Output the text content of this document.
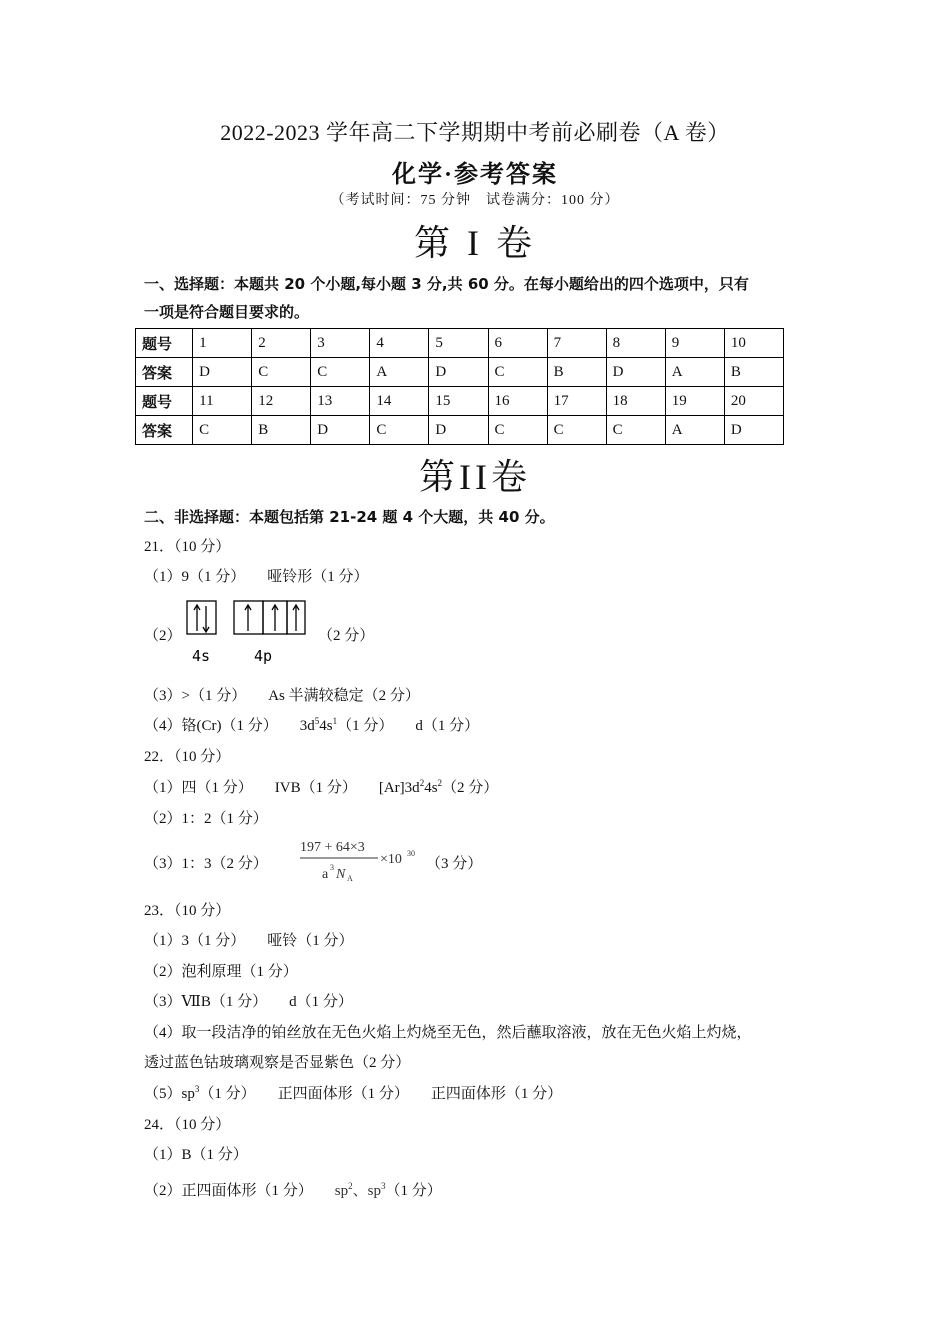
2022-2023 学年高二下学期期中考前必刷卷（A 卷）
化学·参考答案
（考试时间：75 分钟　试卷满分：100 分）
第 I 卷
一、选择题：本题共 20 个小题,每小题 3 分,共 60 分。在每小题给出的四个选项中，只有
一项是符合题目要求的。
题号	1	2	3	4	5	6	7	8	9	10
答案	D	C	C	A	D	C	B	D	A	B
题号	11	12	13	14	15	16	17	18	19	20
答案	C	B	D	C	D	C	C	C	A	D
第II卷
二、非选择题：本题包括第 21-24 题 4 个大题，共 40 分。
21．（10 分）
（1）9（1 分） 哑铃形（1 分）
（2）
4s	4p
（2 分）
（3）>（1 分） As 半满较稳定（2 分）
（4）铬(Cr)（1 分） $3d^54s^1(1$ 分） d（1 分）
22．（10 分）
（1）四（1 分） IVB（1 分） $[Ar]3d^24s^2(2$ 分）
（2）1：2（1 分）
（3）1：3（2 分）
197 + 64×3
a 3 N A
×10 30
（3 分）
23．（10 分）
（1）3（1 分） 哑铃（1 分）
（2）泡利原理（1 分）
（3）ⅦB（1 分） d（1 分）
（4）取一段洁净的铂丝放在无色火焰上灼烧至无色，然后蘸取溶液，放在无色火焰上灼烧，
透过蓝色钴玻璃观察是否显紫色（2 分）
$(5)sp^3(1$ 分） 正四面体形（1 分） 正四面体形（1 分）
24．（10 分）
（1）B（1 分）
（2）正四面体形（1 分） $sp^2$、$sp^3(1$ 分）
